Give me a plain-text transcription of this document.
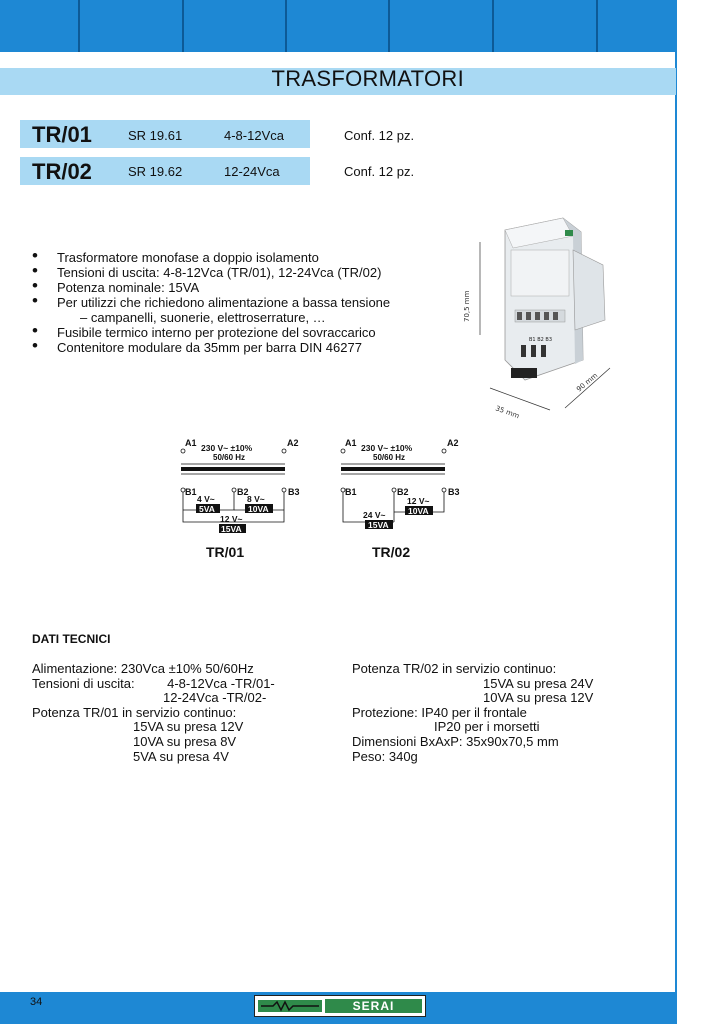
TRASFORMATORI
TR/01	SR 19.61	4-8-12Vca	Conf. 12 pz.
TR/02	SR 19.62	12-24Vca	Conf. 12 pz.
• Trasformatore monofase a doppio isolamento
• Tensioni di uscita: 4-8-12Vca (TR/01), 12-24Vca (TR/02)
• Potenza nominale: 15VA
• Per utilizzi che richiedono alimentazione a bassa tensione
– campanelli, suonerie, elettroserrature, …
• Fusibile termico interno per protezione del sovraccarico
• Contenitore modulare da 35mm per barra DIN 46277	B1 B2 B3
70,5 mm
35 mm
90 mm
A1	A2
230 V~ ±10%
50/60 Hz
B1	B2	B3
4 V~
5VA
8 V~
10VA
12 V~
15VA
TR/01
A1	A2
230 V~ ±10%
50/60 Hz
B1	B2	B3
12 V~
10VA
24 V~
15VA
TR/02
DATI TECNICI
Alimentazione: 230Vca ±10% 50/60Hz
Tensioni di uscita:         4-8-12Vca -TR/01-
12-24Vca -TR/02-
Potenza TR/01 in servizio continuo:
15VA su presa 12V
10VA su presa 8V
5VA su presa 4V
Potenza TR/02 in servizio continuo:
15VA su presa 24V
10VA su presa 12V
Protezione: IP40 per il frontale
IP20 per i morsetti
Dimensioni BxAxP: 35x90x70,5 mm
Peso: 340g
34	SERAI
